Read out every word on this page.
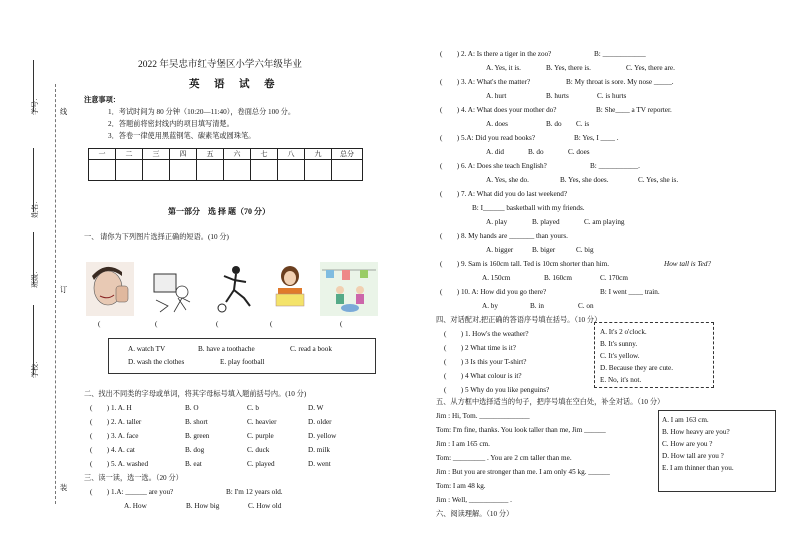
学号：
班级：
姓名：
学校：
线
订
装
2022 年吴忠市红寺堡区小学六年级毕业
英　语　试　卷
注意事项：
1．考试时间为 80 分钟（10:20—11:40），卷面总分 100 分。
2．答题前将密封线内的项目填写清楚。
3．答卷一律使用黑蓝钢笔、碳素笔或圆珠笔。
一	二	三	四	五	六	七	八	九	总分

第一部分　选 择 题（70 分）
一、 请你为下列图片选择正确的短语。(10 分)
(	(	(	(	(
A. watch TV	B. have a toothache	C. read a book
D. wash the clothes	E. play football
二、找出不同类的字母或单词，将其字母标号填入题前括号内。(10 分)
(　　) 1. A. H	B. O	C. b	D. W
(　　) 2. A. taller	B. short	C. heavier	D. older
(　　) 3. A. face	B. green	C. purple	D. yellow
(　　) 4. A. cat	B. dog	C. duck	D. milk
(　　) 5. A. washed	B. eat	C. played	D. went
三、读一读，选一选。（20 分）
(　　) 1.A: ______ are you?	B: I'm 12 years old.
A. How	B. How big	C. How old
(　　) 2. A: Is there a tiger in the zoo?	B: ____________
A. Yes, it is.	B. Yes, there is.	C. Yes, there are.
(　　) 3. A: What's the matter?	B: My throat is sore. My nose _____.
A. hurt	B. hurts	C. is hurts
(　　) 4. A: What does your mother do?	B: She____ a TV reporter.
A. does	B. do C. is
(　　) 5.A: Did you read books?	B: Yes, I ____ .
A. did	B. do	C. does
(　　) 6. A: Does she teach English?	B: ___________.
A. Yes, she do.	B. Yes, she does.	C. Yes, she is.
(　　) 7. A: What did you do last weekend?
B: I______ basketball with my friends.
A. play	B. played	C. am playing
(　　) 8. My hands are _______ than yours.
A. bigger	B. biger	C. big
(　　) 9. Sam is 160cm tall. Ted is 10cm shorter than him.	How tall is Ted?
A. 150cm	B. 160cm	C. 170cm
(　　) 10. A: How did you go there?	B: I went ____ train.
A. by	B. in	C. on
四、对话配对,把正确的答语序号填在括号。（10 分）
(　　) 1. How's the weather?
(　　) 2 What time is it?
(　　) 3 Is this your T-shirt?
(　　) 4 What colour is it?
(　　) 5 Why do you like penguins?
A. It's 2 o'clock.
B. It's sunny.
C. It's yellow.
D. Because they are cute.
E. No, it's not.
五、从方框中选择适当的句子，把序号填在空白处，补全对话。（10 分）
Jim : Hi, Tom. ______________
Tom: I'm fine, thanks. You look taller than me, Jim ______
Jim : I am 165 cm.
Tom: _________ . You are 2 cm taller than me.
Jim : But you are stronger than me. I am only 45 kg. ______
Tom: I am 48 kg.
Jim : Well, ___________ .
A. I am 163 cm.
B. How heavy are you?
C. How are you ?
D. How tall are you ?
E. I am thinner than you.
六、阅读理解。（10 分）
